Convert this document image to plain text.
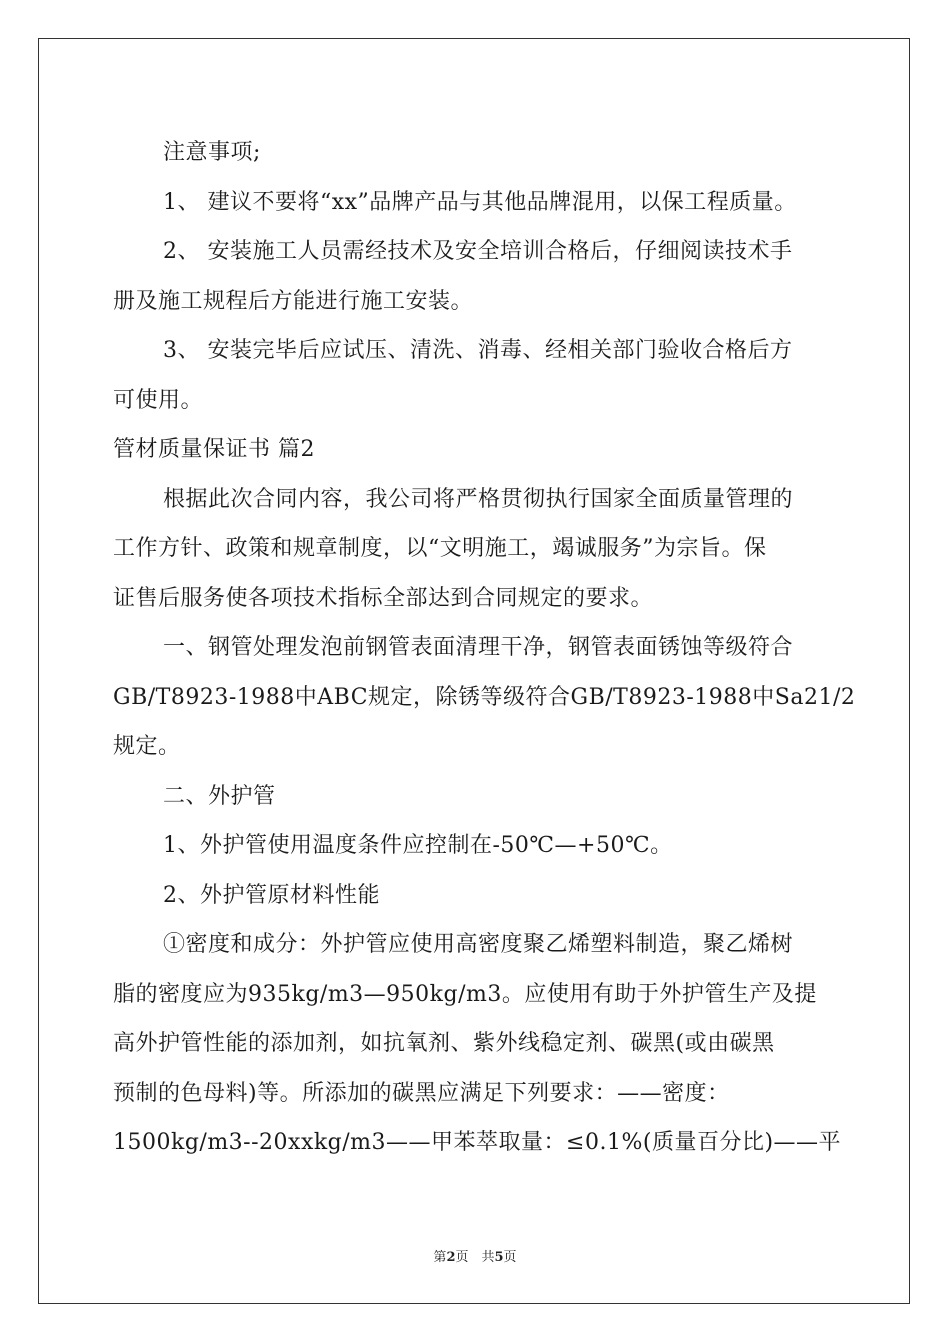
注意事项;
1、 建议不要将“xx”品牌产品与其他品牌混用，以保工程质量。
2、 安装施工人员需经技术及安全培训合格后，仔细阅读技术手
册及施工规程后方能进行施工安装。
3、 安装完毕后应试压、清洗、消毒、经相关部门验收合格后方
可使用。
管材质量保证书 篇2
根据此次合同内容，我公司将严格贯彻执行国家全面质量管理的
工作方针、政策和规章制度，以“文明施工，竭诚服务”为宗旨。保
证售后服务使各项技术指标全部达到合同规定的要求。
一、钢管处理发泡前钢管表面清理干净，钢管表面锈蚀等级符合
GB/T8923-1988中ABC规定，除锈等级符合GB/T8923-1988中Sa21/2
规定。
二、外护管
1、外护管使用温度条件应控制在-50℃—+50℃。
2、外护管原材料性能
①密度和成分：外护管应使用高密度聚乙烯塑料制造，聚乙烯树
脂的密度应为935kg/m3—950kg/m3。应使用有助于外护管生产及提
高外护管性能的添加剂，如抗氧剂、紫外线稳定剂、碳黑(或由碳黑
预制的色母料)等。所添加的碳黑应满足下列要求：——密度：
1500kg/m3--20xxkg/m3——甲苯萃取量：≤0.1%(质量百分比)——平
第2页　共5页
